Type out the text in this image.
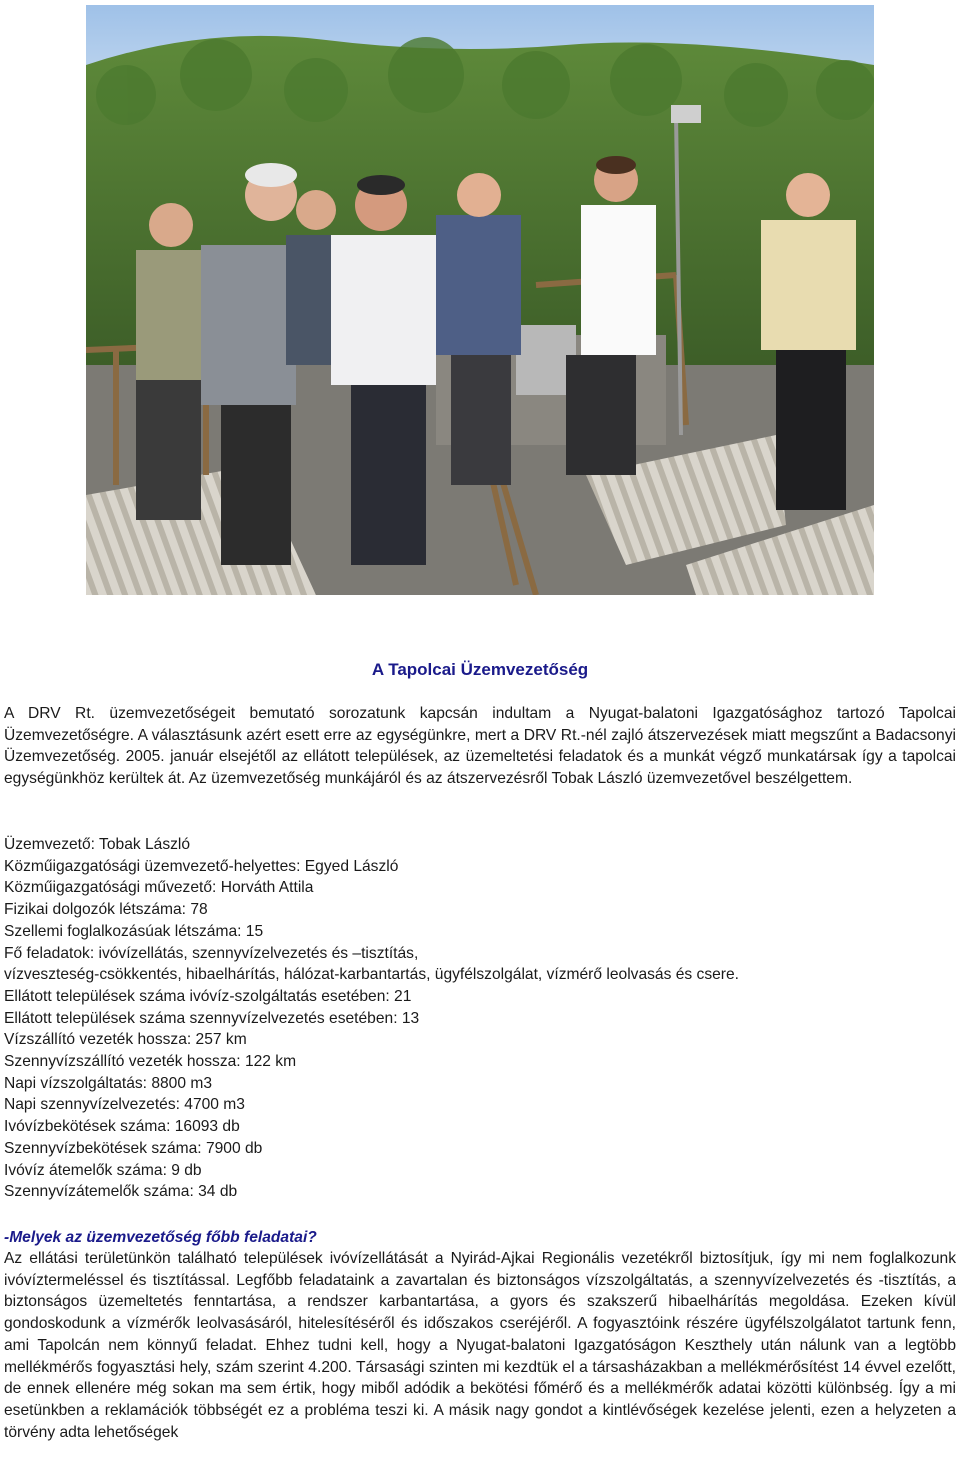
A Tapolcai Üzemvezetőség
A DRV Rt. üzemvezetőségeit bemutató sorozatunk kapcsán indultam a Nyugat-balatoni Igazgatósághoz tartozó Tapolcai Üzemvezetőségre. A választásunk azért esett erre az egységünkre, mert a DRV Rt.-nél zajló átszervezések miatt megszűnt a Badacsonyi Üzemvezetőség. 2005. január elsejétől az ellátott települések, az üzemeltetési feladatok és a munkát végző munkatársak így a tapolcai egységünkhöz kerültek át. Az üzemvezetőség munkájáról és az átszervezésről Tobak László üzemvezetővel beszélgettem.
Üzemvezető: Tobak László
Közműigazgatósági üzemvezető-helyettes: Egyed László
Közműigazgatósági művezető: Horváth Attila
Fizikai dolgozók létszáma: 78
Szellemi foglalkozásúak létszáma: 15
Fő feladatok: ivóvízellátás, szennyvízelvezetés és –tisztítás,
vízveszteség-csökkentés, hibaelhárítás, hálózat-karbantartás, ügyfélszolgálat, vízmérő leolvasás és csere.
Ellátott települések száma ivóvíz-szolgáltatás esetében: 21
Ellátott települések száma szennyvízelvezetés esetében: 13
Vízszállító vezeték hossza: 257 km
Szennyvízszállító vezeték hossza: 122 km
Napi vízszolgáltatás: 8800 m3
Napi szennyvízelvezetés: 4700 m3
Ivóvízbekötések száma: 16093 db
Szennyvízbekötések száma: 7900 db
Ivóvíz átemelők száma: 9 db
Szennyvízátemelők száma: 34 db
-Melyek az üzemvezetőség főbb feladatai?
Az ellátási területünkön található települések ivóvízellátását a Nyirád-Ajkai Regionális vezetékről biztosítjuk, így mi nem foglalkozunk ivóvíztermeléssel és tisztítással. Legfőbb feladataink a zavartalan és biztonságos vízszolgáltatás, a szennyvízelvezetés és -tisztítás, a biztonságos üzemeltetés fenntartása, a rendszer karbantartása, a gyors és szakszerű hibaelhárítás megoldása. Ezeken kívül gondoskodunk a vízmérők leolvasásáról, hitelesítéséről és időszakos cseréjéről. A fogyasztóink részére ügyfélszolgálatot tartunk fenn, ami Tapolcán nem könnyű feladat. Ehhez tudni kell, hogy a Nyugat-balatoni Igazgatóságon Keszthely után nálunk van a legtöbb mellékmérős fogyasztási hely, szám szerint 4.200. Társasági szinten mi kezdtük el a társasházakban a mellékmérősítést 14 évvel ezelőtt, de ennek ellenére még sokan ma sem értik, hogy miből adódik a bekötési főmérő és a mellékmérők adatai közötti különbség. Így a mi esetünkben a reklamációk többségét ez a probléma teszi ki. A másik nagy gondot a kintlévőségek kezelése jelenti, ezen a helyzeten a törvény adta lehetőségek
